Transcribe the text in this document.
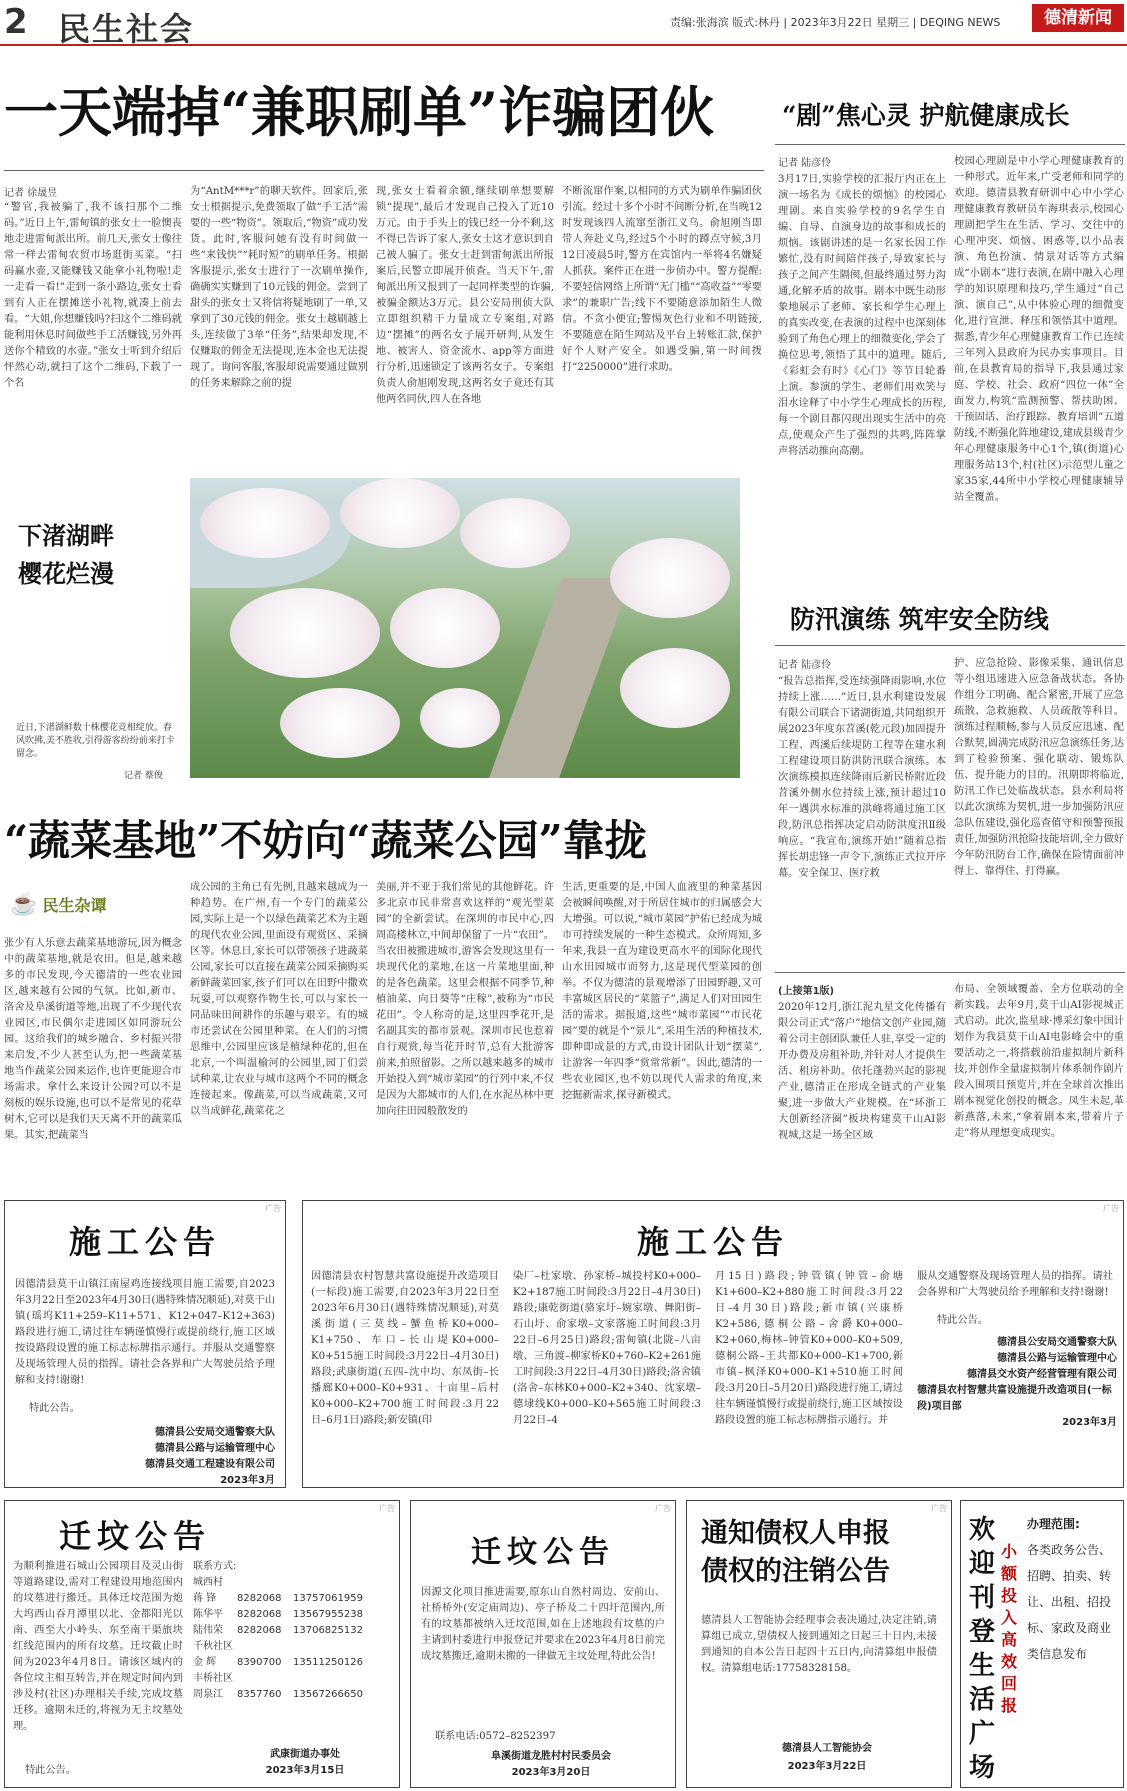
2 民生社会	责编:张海滨 版式:林丹 | 2023年3月22日 星期三 | DEQING NEWS	德清新闻
一天端掉“兼职刷单”诈骗团伙
记者 徐晟昱
“警官,我被骗了,我不该扫那个二维码。”近日上午,雷甸镇的张女士一脸懊丧地走进雷甸派出所。前几天,张女士像往常一样去雷甸农贸市场逛街买菜。“扫码赢水壶,又能赚钱又能拿小礼物啦!走一走看一看!”走到一条小路边,张女士看到有人正在摆摊送小礼物,就凑上前去看。“大姐,你想赚钱吗?扫这个二维码就能利用休息时间做些手工活赚钱,另外再送你个精致的水壶。”张女士听到介绍后怦然心动,就扫了这个二维码,下载了一个名
为“AntM***r”的聊天软件。回家后,张女士根据提示,免费领取了做“手工活”需要的一些“物资”。领取后,“物资”成功发货。此时,客服问她有没有时间做一些“来钱快”“耗时短”的刷单任务。根据客服提示,张女士进行了一次刷单操作,确确实实赚到了10元钱的佣金。尝到了甜头的张女士又将信将疑地刷了一单,又拿到了30元钱的佣金。张女士越刷越上头,连续做了3单“任务”,结果却发现,不仅赚取的佣金无法提现,连本金也无法提现了。询问客服,客服却说需要通过做别的任务来解除之前的提
现,张女士看着余额,继续刷单想要解锁“提现”,最后才发现自己投入了近10万元。由于手头上的钱已经一分不剩,这不得已告诉了家人,张女士这才意识到自己被人骗了。张女士赶到雷甸派出所报案后,民警立即展开侦查。当天下午,雷甸派出所又报到了一起同样类型的诈骗,被骗金额达3万元。县公安局刑侦大队立即组织精干力量成立专案组,对路边“摆摊”的两名女子展开研判,从发生地、被害人、资金流水、app等方面进行分析,迅速锁定了该两名女子。专案组负责人俞旭刚发现,这两名女子竟还有其他两名同伙,四人在各地
不断流窜作案,以相同的方式为刷单作骗团伙引流。经过十多个小时不间断分析,在当晚12时发现该四人流窜至浙江义乌。俞旭刚当即带人奔赴义乌,经过5个小时的蹲点守候,3月12日凌晨5时,警方在宾馆内一举将4名嫌疑人抓获。案件正在进一步侦办中。警方提醒:不要轻信网络上所谓“无门槛”“高收益”“零要求”的兼职广告;线下不要随意添加陌生人微信。不贪小便宜;警惕灰色行业和不明链接,不要随意在陌生网站及平台上转账汇款,保护好个人财产安全。如遇受骗,第一时间拨打“2250000”进行求助。
“剧”焦心灵 护航健康成长
记者 陆彦伶
3月17日,实验学校的汇报厅内正在上演一场名为《成长的烦恼》的校园心理剧。来自实验学校的9名学生自编、自导、自演身边的故事和成长的烦恼。该剧讲述的是一名家长因工作繁忙,没有时间陪伴孩子,导致家长与孩子之间产生隔阂,但最终通过努力沟通,化解矛盾的故事。剧本中既生动形象地展示了老师、家长和学生心理上的真实改变,在表演的过程中也深刻体验到了角色心理上的细微变化,学会了换位思考,领悟了其中的道理。随后,《彩虹会有时》《心门》等节目轮番上演。参演的学生、老师们用欢笑与泪水诠释了中小学生心理成长的历程,每一个剧目都闪现出现实生活中的亮点,使观众产生了强烈的共鸣,阵阵掌声将活动推向高潮。
校园心理剧是中小学心理健康教育的一种形式。近年来,广受老师和同学的欢迎。德清县教育研训中心中小学心理健康教育教研员车海琪表示,校园心理剧把学生在生活、学习、交往中的心理冲突、烦恼、困惑等,以小品表演、角色扮演、情景对话等方式编成“小剧本”进行表演,在剧中融入心理学的知识原理和技巧,学生通过“自己演、演自己”,从中体验心理的细微变化,进行宣泄、释压和领悟其中道理。据悉,青少年心理健康教育工作已连续三年列入县政府为民办实事项目。目前,在县教育局的指导下,我县通过家庭、学校、社会、政府“四位一体”全面发力,构筑“监测预警、帮扶助困、干预固话、治疗跟踪、教育培训”五道防线,不断强化阵地建设,建成县级青少年心理健康服务中心1个,镇(街道)心理服务站13个,村(社区)示范型儿童之家35家,44所中小学校心理健康辅导站全覆盖。
下渚湖畔
樱花烂漫
近日,下渚湖鲜数十株樱花竞相绽放。春风吹拂,美不胜收,引得游客纷纷前来打卡留念。
记者 蔡俊
防汛演练 筑牢安全防线
记者 陆彦伶
“报告总指挥,受连续强降雨影响,水位持续上涨……”近日,县水利建设发展有限公司联合下诸湖街道,共同组织开展2023年度东苕溪(乾元段)加固提升工程、西溪后续堤防工程等在建水利工程建设项目防洪防汛联合演练。本次演练模拟连续降雨后新民桥附近段苕溪外侧水位持续上涨,预计超过10年一遇洪水标准的洪峰将通过施工区段,防汛总指挥决定启动防洪度汛Ⅱ级响应。“我宣布,演练开始!”随着总指挥长胡忠锋一声令下,演练正式拉开序幕。安全保卫、医疗救
护、应急抢险、影像采集、通讯信息等小组迅速进入应急备战状态。各协作组分工明确、配合紧密,开展了应急疏散、急救施救、人员疏散等科目。演练过程顺畅,参与人员反应迅速、配合默契,圆满完成防汛应急演练任务,达到了检验预案、强化联动、锻炼队伍、提升能力的目的。汛期即将临近,防汛工作已处临战状态。县水利局将以此次演练为契机,进一步加强防汛应急队伍建设,强化巡查值守和预警预报责任,加强防汛抢险技能培训,全力做好今年防汛防台工作,确保在险情面前冲得上、靠得住、打得赢。
“蔬菜基地”不妨向“蔬菜公园”靠拢
☕ 民生杂谭
张少有人乐意去蔬菜基地游玩,因为概念中的蔬菜基地,就是农田。但是,越来越多的市民发现,今天德清的一些农业园区,越来越有公园的气氛。比如,新市、洛舍及阜溪街道等地,出现了不少现代农业园区,市民偶尔走进园区如同游玩公园。这给我们的城乡融合、乡村振兴带来启发,不少人甚至认为,把一些蔬菜基地当作蔬菜公园来运作,也许更能迎合市场需求。拿什么来设计公园?可以不是刻板的娱乐设施,也可以不是常见的花草树木,它可以是我们天天离不开的蔬菜瓜果。其实,把蔬菜当
成公园的主角已有先例,且越来越成为一种趋势。在广州,有一个专门的蔬菜公园,实际上是一个以绿色蔬菜艺术为主题的现代农业公园,里面设有观赏区、采摘区等。休息日,家长可以带领孩子进蔬菜公园,家长可以直接在蔬菜公园采摘购买新鲜蔬菜回家,孩子们可以在田野中撒欢玩耍,可以观察作物生长,可以与家长一同品味田间耕作的乐趣与艰辛。有的城市还尝试在公园里种菜。在人们的习惯思维中,公园里应该是植绿种花的,但在北京,一个叫温榆河的公园里,园丁们尝试种菜,让农业与城市这两个不同的概念连接起来。像蔬菜,可以当成蔬菜,又可以当成鲜花,蔬菜花之
美丽,并不亚于我们常见的其他鲜花。许多北京市民非常喜欢这样的“观光型菜园”的全新尝试。在深圳的市民中心,四周高楼林立,中间却保留了一片“农田”。当农田被搬进城市,游客会发现这里有一块现代化的菜地,在这一片菜地里面,种的是各色蔬菜。这里会根据不同季节,种植油菜、向日葵等“庄稼”,被称为“市民花田”。令人称奇的是,这里四季花开,是名副其实的都市景观。深圳市民也惹着自行观赏,每当花开时节,总有大批游客前来,拍照留影。之所以越来越多的城市开始投入到“城市菜园”的行列中来,不仅是因为大都城市的人们,在水泥丛林中更加向往田园般散发的
生活,更重要的是,中国人血液里的种菜基因会被瞬间唤醒,对于所居住城市的归属感会大大增强。可以说,“城市菜园”护佑已经成为城市可持续发展的一种生态模式。众所周知,多年来,我县一直为建设更高水平的国际化现代山水田园城市而努力,这是现代型菜园的创举。不仅为德清的景观增添了田园野趣,又可丰富城区居民的“菜篮子”,满足人们对田园生活的需求。据报道,这些“城市菜园”“市民花园”要的就是个“景儿”,采用生活的种植技术,即种即成景的方式,由设计团队计划“摆菜”,让游客一年四季“赏常常新”。因此,德清的一些农业园区,也不妨以现代人需求的角度,来挖掘新需求,探寻新模式。
(上接第1版)
2020年12月,浙江泥丸星文化传播有限公司正式“落户”地信文创产业园,随着公司主创团队兼任人驻,享受一定的开办费及房租补助,并针对人才提供生活、租房补助。依托蓬勃兴起的影视产业,德清正在形成全链式的产业集聚,进一步做大产业规模。在“环浙工大创新经济圈”板块构建莫干山AI影视城,这是一场全区域
布局、全领域覆盖、全方位联动的全新实践。去年9月,莫干山AI影视城正式启动。此次,监星球·博采幻象中国计划作为我县莫干山AI电影峰会中的重要活动之一,将搭载前沿虚拟制片新科技,并创作全量虚拟制片体系制作剧片段入围项目预览片,并在全球首次推出剧本视觉化创投的概念。凤生未起,革新燕落,未来,“拿着剧本来,带着片子走”将从理想变成现实。
广告
施工公告
因德清县莫干山镇江南屋鸡连接线项目施工需要,自2023年3月22日至2023年4月30日(遇特殊情况顺延),对莫干山镇(瑶坞K11+259–K11+571、K12+047–K12+363)路段进行施工,请过往车辆谨慎慢行或提前绕行,施工区域按设路段设置的施工标志标牌指示通行。并服从交通警察及现场管理人员的指挥。请社会各界和广大驾驶员给予理解和支持!谢谢!
特此公告。
德清县公安局交通警察大队
德清县公路与运输管理中心
德清县交通工程建设有限公司
2023年3月
广告
施工公告
因德清县农村智慧共富设施提升改造项目(一标段)施工需要,自2023年3月22日至2023年6月30日(遇特殊情况顺延),对莫溪街道(三莫线–蟹鱼桥K0+000–K1+750、车口–长山堤K0+000–K0+515施工时间段:3月22日–4月30日)路段;武康街道(五四–沈中均、东凤街–长播廊K0+000–K0+931、十亩里–后村K0+000–K2+700施工时间段:3月22日–6月1日)路段;新安镇(印
染厂–杜家墩、孙家桥–城投村K0+000–K2+187施工时间段:3月22日–4月30日)路段;康乾街道(骆家圩–婉家墩、舞阳街–石山圩、俞家墩–文家落施工时间段:3月22日–6月25日)路段;雷甸镇(北陇–八亩墩、三角渡–柳家桥K0+760–K2+261施工时间段:3月22日–4月30日)路段;洛舍镇(洛舍–东林K0+000–K2+340、沈家墩–德埭线K0+000–K0+565施工时间段:3月22日–4
月15日)路段;钟管镇(钟管–俞塘K1+600–K2+880施工时间段:3月22日–4月30日)路段;新市镇(兴康桥K2+586,德桐公路–舍爵K0+000–K2+060,梅林–钟管K0+000–K0+509,德桐公路–王共都K0+000–K1+700,新市镇–枫泽K0+000–K1+510施工时间段:3月20日–5月20日)路段进行施工,请过往车辆谨慎慢行或提前绕行,施工区域按设路段设置的施工标志标牌指示通行。并
服从交通警察及现场管理人员的指挥。请社会各界和广大驾驶员给予理解和支持!谢谢!
特此公告。
德清县公安局交通警察大队
德清县公路与运输管理中心
德清县交水资产经营管理有限公司
德清县农村智慧共富设施提升改造项目(一标段)项目部
2023年3月
广告
迁坟公告
为顺利推进石城山公园项目及灵山街等道路建设,需对工程建设用地范围内的坟墓进行搬迁。具体迁坟范围为炮大坞西山吞月潭里以北、金都阳光以南、西至大小岭头、东至南干渠旅块红线范围内的所有坟墓。迁坟截止时间为2023年4月8日。请该区域内的各位坟主相互转告,并在规定时间内到涉及村(社区)办理相关手续,完成坟墓迁移。逾期未迁的,将视为无主坟墓处理。
特此公告。
联系方式:
城西村
蒋 锋 8282068 13757061959
陈华平 8282068 13567955238
陆伟荣 8282068 13706825132
千秋社区
金 辉 8390700 13511250126
丰桥社区
周泉江 8357760 13567266650
武康街道办事处
2023年3月15日
广告
迁坟公告
因源文化项目推进需要,原东山自然村周边、安前山、社桥桥外(安定庙周边)、亭子桥及二十四圩范围内,所有的坟墓都被纳入迁坟范围,如在上述地段有坟墓的户主请到村委进行申报登记并要求在2023年4月8日前完成坟墓搬迁,逾期未搬的一律做无主坟处理,特此公告!
联系电话:0572–8252397
阜溪街道龙胜村村民委员会
2023年3月20日
广告
通知债权人申报
债权的注销公告
德清县人工智能协会经理事会表决通过,决定注销,请算组已成立,望债权人接到通知之日起三十日内,未接到通知的自本公告日起四十五日内,向清算组申报债权。清算组电话:17758328158。
德清县人工智能协会
2023年3月22日
欢
迎
刊
登
生
活
广
场
小
额
投
入
高
效
回
报
办理范围:
各类政务公告、招聘、拍卖、转让、出租、招投标、家政及商业类信息发布
